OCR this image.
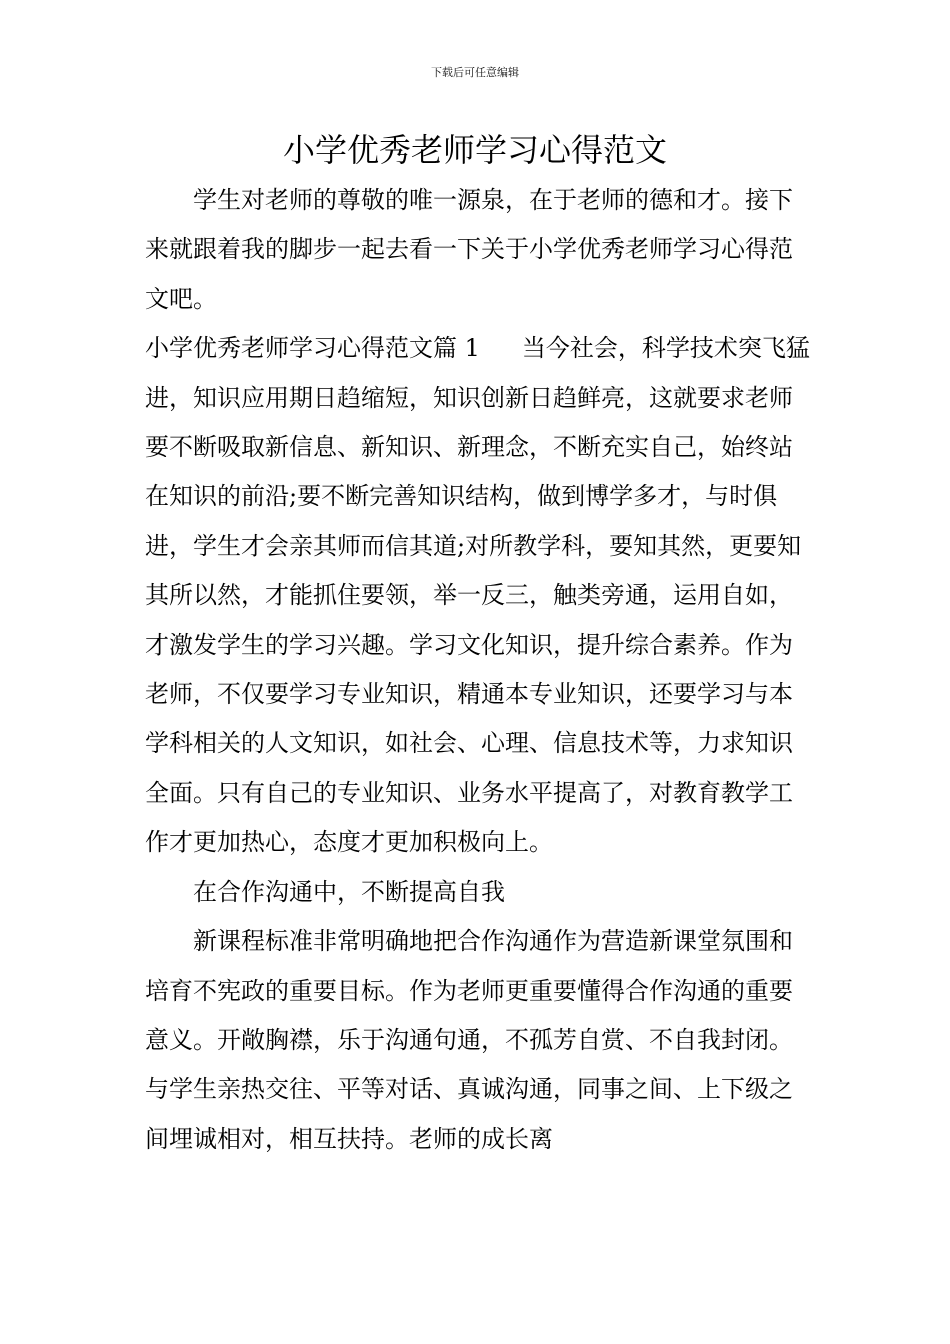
下载后可任意编辑
小学优秀老师学习心得范文

学生对老师的尊敬的唯一源泉，在于老师的德和才。接下来就跟着我的脚步一起去看一下关于小学优秀老师学习心得范文吧。

小学优秀老师学习心得范文篇 1 当今社会，科学技术突飞猛进，知识应用期日趋缩短，知识创新日趋鲜亮，这就要求老师要不断吸取新信息、新知识、新理念，不断充实自己，始终站在知识的前沿;要不断完善知识结构，做到博学多才，与时俱进，学生才会亲其师而信其道;对所教学科，要知其然，更要知其所以然，才能抓住要领，举一反三，触类旁通，运用自如，才激发学生的学习兴趣。学习文化知识，提升综合素养。作为老师，不仅要学习专业知识，精通本专业知识，还要学习与本学科相关的人文知识，如社会、心理、信息技术等，力求知识全面。只有自己的专业知识、业务水平提高了，对教育教学工作才更加热心，态度才更加积极向上。

在合作沟通中，不断提高自我

新课程标准非常明确地把合作沟通作为营造新课堂氛围和培育不宪政的重要目标。作为老师更重要懂得合作沟通的重要意义。开敞胸襟，乐于沟通句通，不孤芳自赏、不自我封闭。与学生亲热交往、平等对话、真诚沟通，同事之间、上下级之间埋诚相对，相互扶持。老师的成长离
